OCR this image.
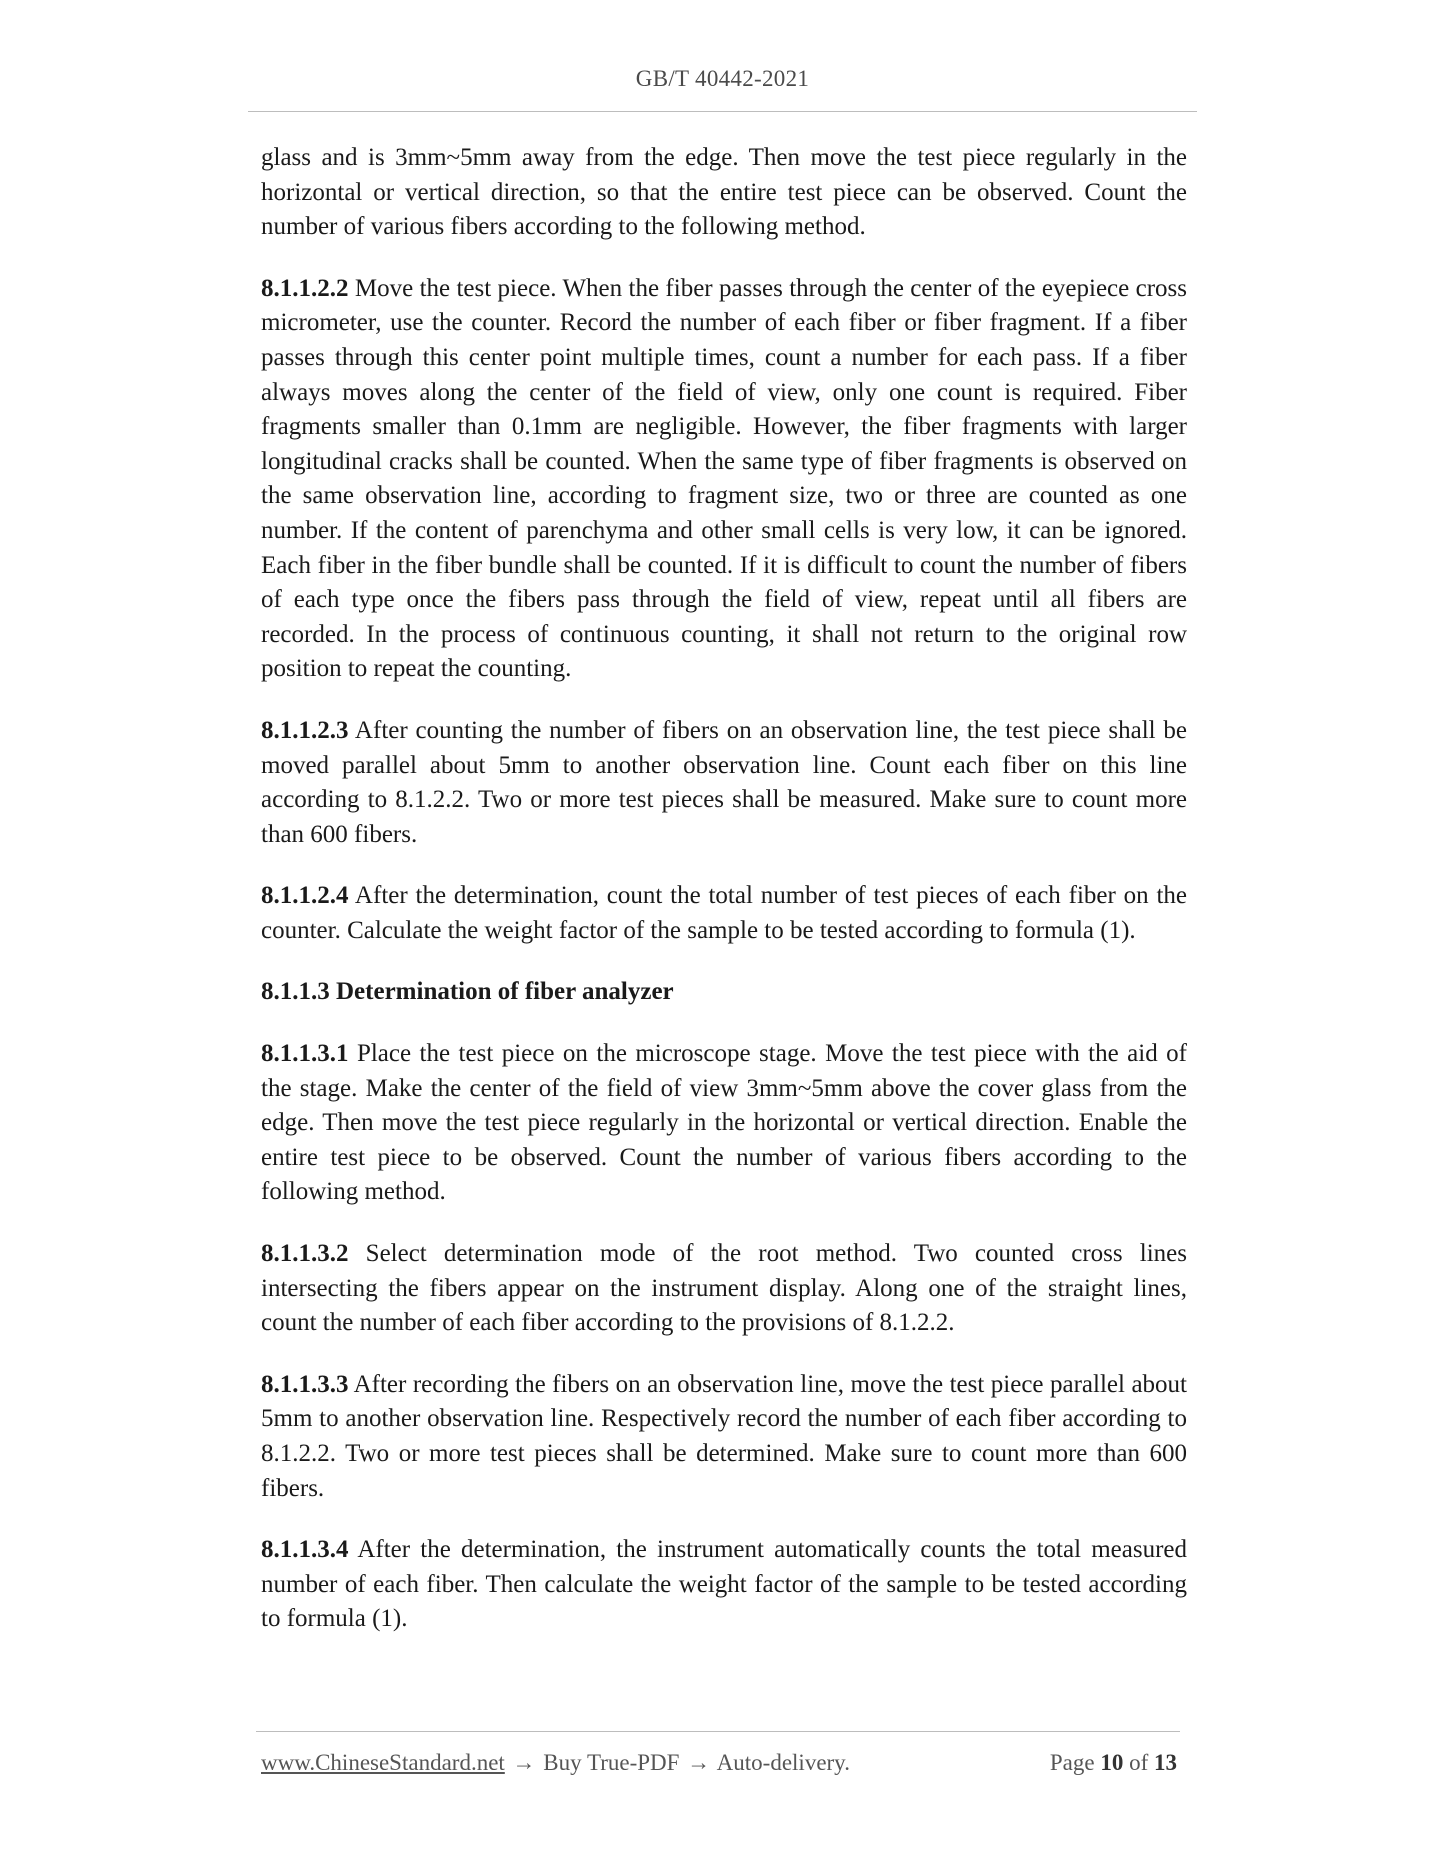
GB/T 40442-2021

glass and is 3mm~5mm away from the edge. Then move the test piece regularly in the horizontal or vertical direction, so that the entire test piece can be observed. Count the number of various fibers according to the following method.

8.1.1.2.2 Move the test piece. When the fiber passes through the center of the eyepiece cross micrometer, use the counter. Record the number of each fiber or fiber fragment. If a fiber passes through this center point multiple times, count a number for each pass. If a fiber always moves along the center of the field of view, only one count is required. Fiber fragments smaller than 0.1mm are negligible. However, the fiber fragments with larger longitudinal cracks shall be counted. When the same type of fiber fragments is observed on the same observation line, according to fragment size, two or three are counted as one number. If the content of parenchyma and other small cells is very low, it can be ignored. Each fiber in the fiber bundle shall be counted. If it is difficult to count the number of fibers of each type once the fibers pass through the field of view, repeat until all fibers are recorded. In the process of continuous counting, it shall not return to the original row position to repeat the counting.

8.1.1.2.3 After counting the number of fibers on an observation line, the test piece shall be moved parallel about 5mm to another observation line. Count each fiber on this line according to 8.1.2.2. Two or more test pieces shall be measured. Make sure to count more than 600 fibers.

8.1.1.2.4 After the determination, count the total number of test pieces of each fiber on the counter. Calculate the weight factor of the sample to be tested according to formula (1).

8.1.1.3 Determination of fiber analyzer

8.1.1.3.1 Place the test piece on the microscope stage. Move the test piece with the aid of the stage. Make the center of the field of view 3mm~5mm above the cover glass from the edge. Then move the test piece regularly in the horizontal or vertical direction. Enable the entire test piece to be observed. Count the number of various fibers according to the following method.

8.1.1.3.2 Select determination mode of the root method. Two counted cross lines intersecting the fibers appear on the instrument display. Along one of the straight lines, count the number of each fiber according to the provisions of 8.1.2.2.

8.1.1.3.3 After recording the fibers on an observation line, move the test piece parallel about 5mm to another observation line. Respectively record the number of each fiber according to 8.1.2.2. Two or more test pieces shall be determined. Make sure to count more than 600 fibers.

8.1.1.3.4 After the determination, the instrument automatically counts the total measured number of each fiber. Then calculate the weight factor of the sample to be tested according to formula (1).

www.ChineseStandard.net → Buy True-PDF → Auto-delivery.	Page 10 of 13
